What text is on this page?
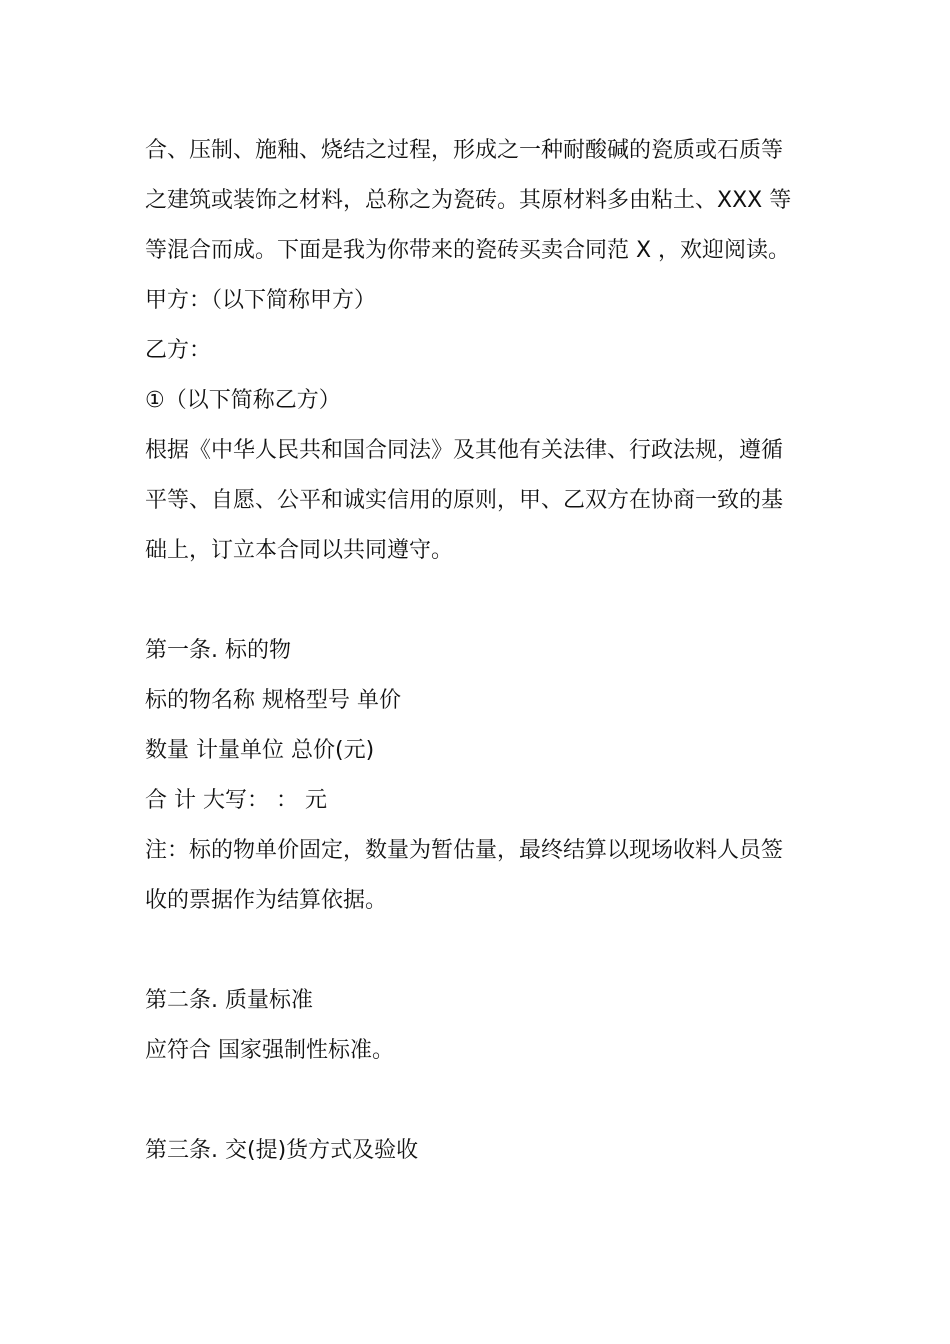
合、压制、施釉、烧结之过程，形成之一种耐酸碱的瓷质或石质等
之建筑或装饰之材料，总称之为瓷砖。其原材料多由粘土、XXX 等
等混合而成。下面是我为你带来的瓷砖买卖合同范 X ，欢迎阅读。
甲方：（以下简称甲方）
乙方：
①（以下简称乙方）
根据《中华人民共和国合同法》及其他有关法律、行政法规，遵循
平等、自愿、公平和诚实信用的原则，甲、乙双方在协商一致的基
础上，订立本合同以共同遵守。
第一条. 标的物
标的物名称 规格型号 单价
数量 计量单位 总价(元)
合 计 大写： ： 元
注：标的物单价固定，数量为暂估量，最终结算以现场收料人员签
收的票据作为结算依据。
第二条. 质量标准
应符合 国家强制性标准。
第三条. 交(提)货方式及验收
